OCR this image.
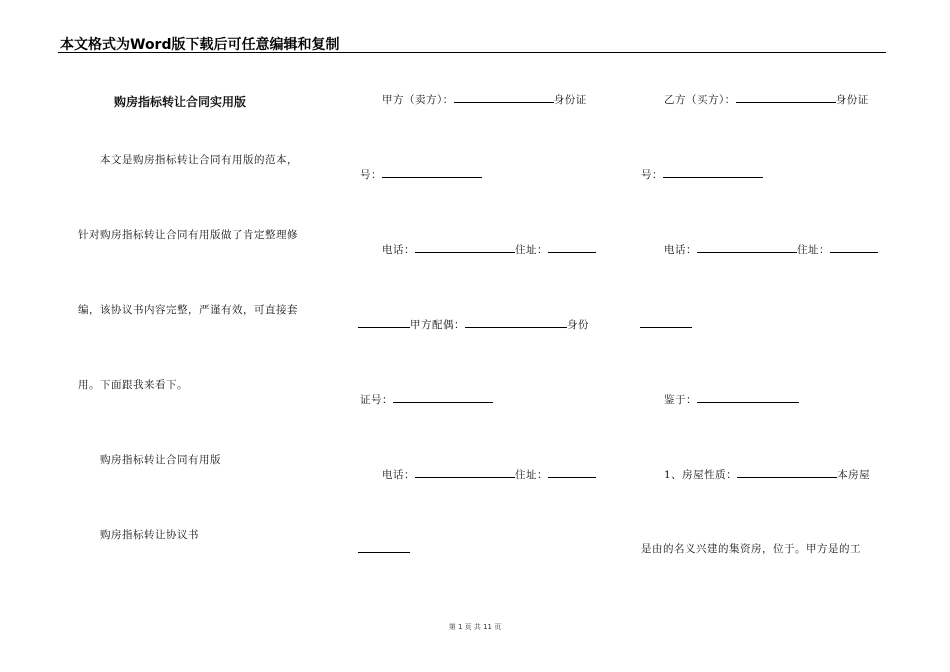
本文格式为Word版下载后可任意编辑和复制
购房指标转让合同实用版
本文是购房指标转让合同有用版的范本，
针对购房指标转让合同有用版做了肯定整理修
编，该协议书内容完整，严谨有效，可直接套
用。下面跟我来看下。
购房指标转让合同有用版
购房指标转让协议书
甲方（卖方）：	身份证
号：
电话：	住址：
甲方配偶：	身份
证号：
电话：	住址：
乙方（买方）：	身份证
号：
电话：	住址：
鉴于：
1、房屋性质：	本房屋
是由的名义兴建的集资房，位于。甲方是的工
第 1 页 共 11 页
